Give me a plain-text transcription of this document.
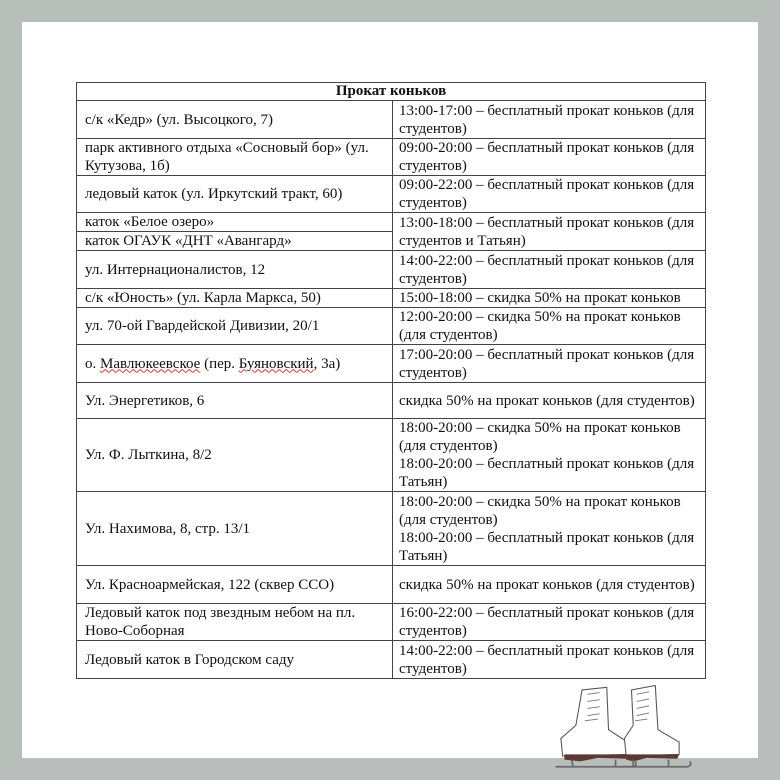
Прокат коньков	
с/к «Кедр» (ул. Высоцкого, 7)	13:00-17:00 – бесплатный прокат коньков (для студентов)
парк активного отдыха «Сосновый бор» (ул. Кутузова, 1б)	09:00-20:00 – бесплатный прокат коньков (для студентов)
ледовый каток (ул. Иркутский тракт, 60)	09:00-22:00 – бесплатный прокат коньков (для студентов)
каток «Белое озеро»	13:00-18:00 – бесплатный прокат коньков (для студентов и Татьян)
каток ОГАУК «ДНТ «Авангард»	
ул. Интернационалистов, 12	14:00-22:00 – бесплатный прокат коньков (для студентов)
с/к «Юность» (ул. Карла Маркса, 50)	15:00-18:00 – скидка 50% на прокат коньков
ул. 70-ой Гвардейской Дивизии, 20/1	12:00-20:00 – скидка 50% на прокат коньков (для студентов)
о. Мавлюкеевское (пер. Буяновский, 3а)	17:00-20:00 – бесплатный прокат коньков (для студентов)
Ул. Энергетиков, 6	скидка 50% на прокат коньков (для студентов)
Ул. Ф. Лыткина, 8/2	18:00-20:00 – скидка 50% на прокат коньков (для студентов)
18:00-20:00 – бесплатный прокат коньков (для Татьян)

Ул. Нахимова, 8, стр. 13/1	18:00-20:00 – скидка 50% на прокат коньков (для студентов)
18:00-20:00 – бесплатный прокат коньков (для Татьян)

Ул. Красноармейская, 122 (сквер ССО)	скидка 50% на прокат коньков (для студентов)
Ледовый каток под звездным небом на пл. Ново-Соборная	16:00-22:00 – бесплатный прокат коньков (для студентов)
Ледовый каток в Городском саду	14:00-22:00 – бесплатный прокат коньков (для студентов)
